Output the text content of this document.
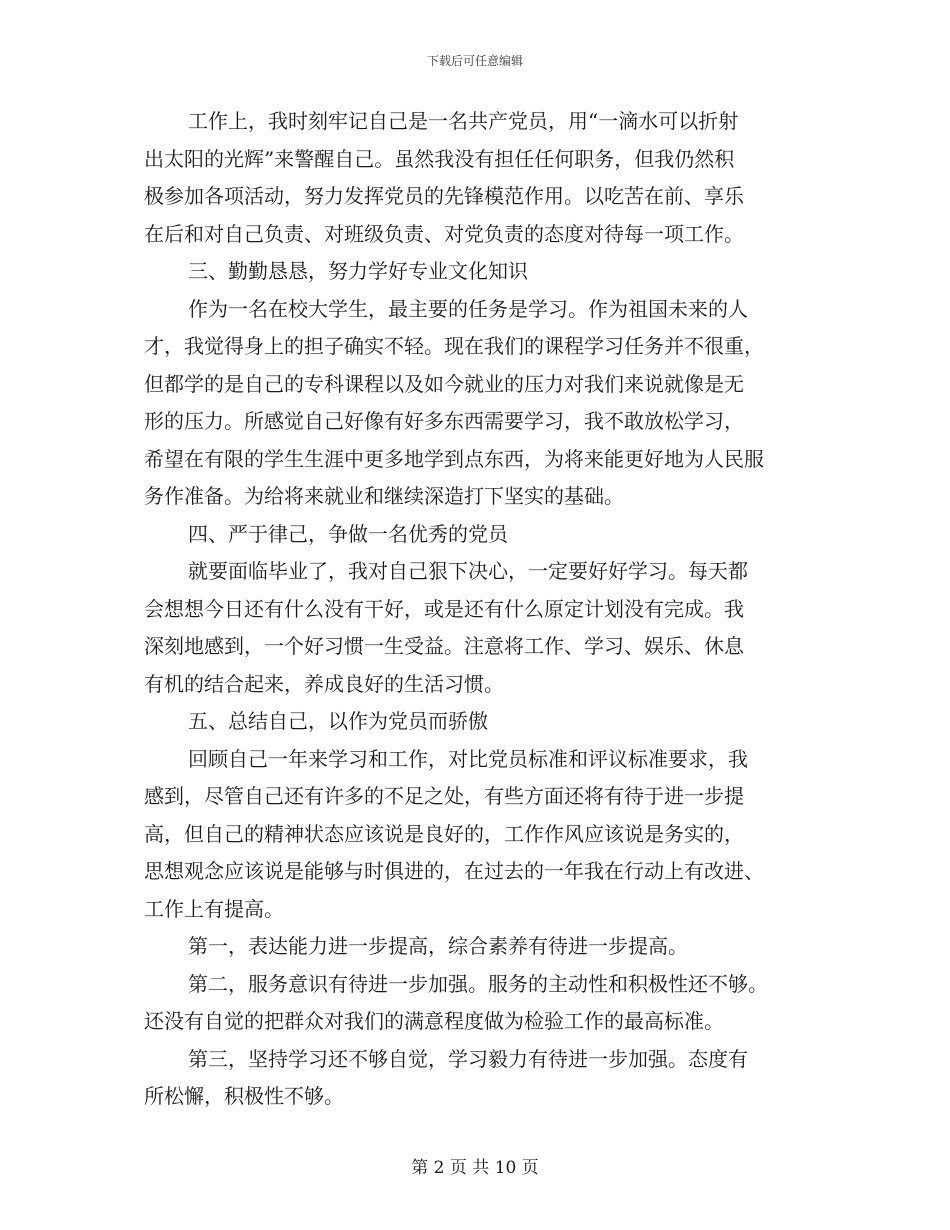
下载后可任意编辑
工作上，我时刻牢记自己是一名共产党员，用“一滴水可以折射
出太阳的光辉”来警醒自己。虽然我没有担任任何职务，但我仍然积
极参加各项活动，努力发挥党员的先锋模范作用。以吃苦在前、享乐
在后和对自己负责、对班级负责、对党负责的态度对待每一项工作。
三、勤勤恳恳，努力学好专业文化知识
作为一名在校大学生，最主要的任务是学习。作为祖国未来的人
才，我觉得身上的担子确实不轻。现在我们的课程学习任务并不很重，
但都学的是自己的专科课程以及如今就业的压力对我们来说就像是无
形的压力。所感觉自己好像有好多东西需要学习，我不敢放松学习，
希望在有限的学生生涯中更多地学到点东西，为将来能更好地为人民服
务作准备。为给将来就业和继续深造打下坚实的基础。
四、严于律己，争做一名优秀的党员
就要面临毕业了，我对自己狠下决心，一定要好好学习。每天都
会想想今日还有什么没有干好，或是还有什么原定计划没有完成。我
深刻地感到，一个好习惯一生受益。注意将工作、学习、娱乐、休息
有机的结合起来，养成良好的生活习惯。
五、总结自己，以作为党员而骄傲
回顾自己一年来学习和工作，对比党员标准和评议标准要求，我
感到，尽管自己还有许多的不足之处，有些方面还将有待于进一步提
高，但自己的精神状态应该说是良好的，工作作风应该说是务实的，
思想观念应该说是能够与时俱进的，在过去的一年我在行动上有改进、
工作上有提高。
第一，表达能力进一步提高，综合素养有待进一步提高。
第二，服务意识有待进一步加强。服务的主动性和积极性还不够。
还没有自觉的把群众对我们的满意程度做为检验工作的最高标准。
第三，坚持学习还不够自觉，学习毅力有待进一步加强。态度有
所松懈，积极性不够。
第 2 页 共 10 页
